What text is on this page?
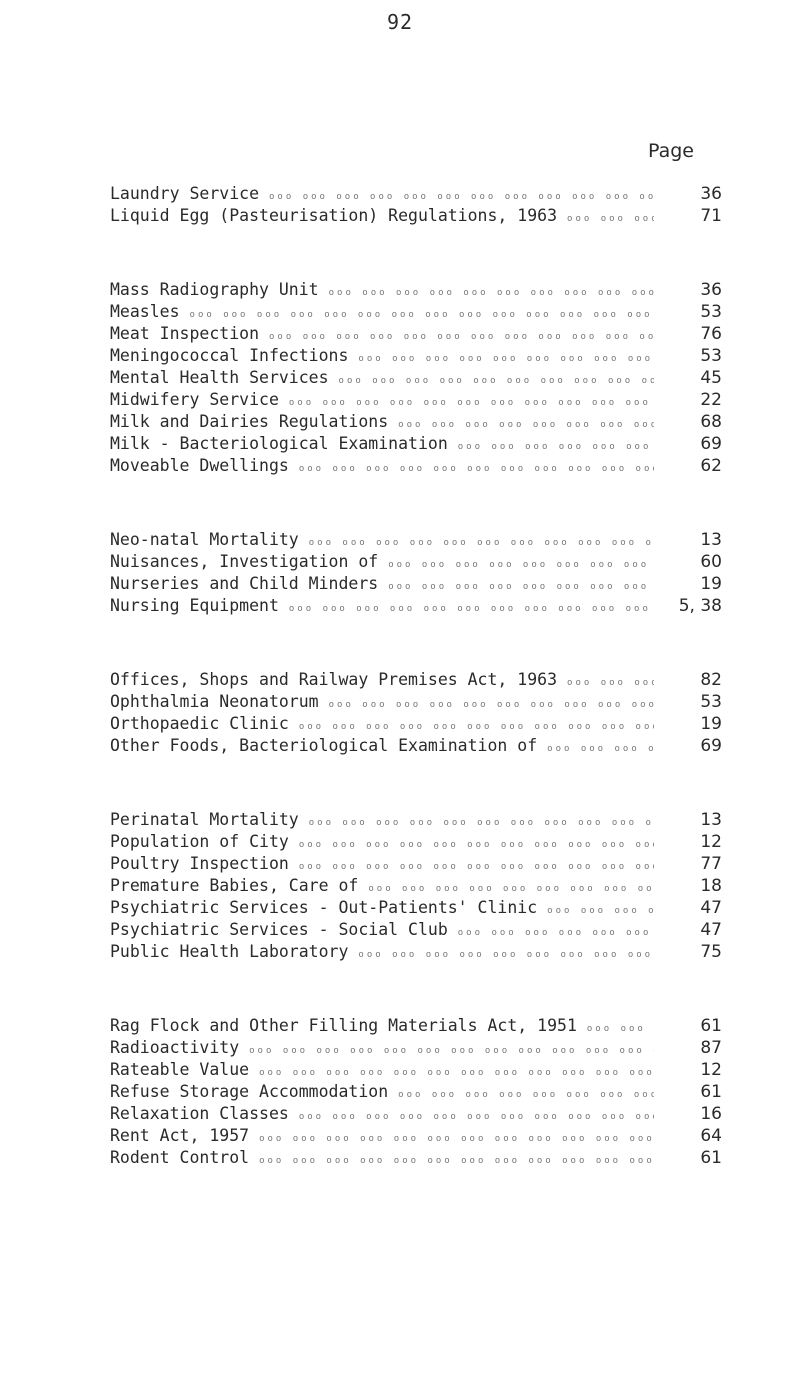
92
Page
Laundry Service ooo ooo ooo ooo ooo ooo ooo ooo ooo ooo ooo ooo ooo ooo ooo ooo ooo ooo ooo ooo ooo ooo ooo ooo	36
Liquid Egg (Pasteurisation) Regulations, 1963 ooo ooo ooo ooo ooo ooo ooo ooo ooo ooo ooo ooo ooo ooo ooo ooo ooo ooo ooo ooo ooo ooo ooo ooo	71
Mass Radiography Unit ooo ooo ooo ooo ooo ooo ooo ooo ooo ooo ooo ooo ooo ooo ooo ooo ooo ooo ooo ooo ooo ooo ooo ooo	36
Measles ooo ooo ooo ooo ooo ooo ooo ooo ooo ooo ooo ooo ooo ooo ooo ooo ooo ooo ooo ooo ooo ooo ooo ooo	53
Meat Inspection ooo ooo ooo ooo ooo ooo ooo ooo ooo ooo ooo ooo ooo ooo ooo ooo ooo ooo ooo ooo ooo ooo ooo ooo	76
Meningococcal Infections ooo ooo ooo ooo ooo ooo ooo ooo ooo ooo ooo ooo ooo ooo ooo ooo ooo ooo ooo ooo ooo ooo ooo ooo	53
Mental Health Services ooo ooo ooo ooo ooo ooo ooo ooo ooo ooo ooo ooo ooo ooo ooo ooo ooo ooo ooo ooo ooo ooo ooo ooo	45
Midwifery Service ooo ooo ooo ooo ooo ooo ooo ooo ooo ooo ooo ooo ooo ooo ooo ooo ooo ooo ooo ooo ooo ooo ooo ooo	22
Milk and Dairies Regulations ooo ooo ooo ooo ooo ooo ooo ooo ooo ooo ooo ooo ooo ooo ooo ooo ooo ooo ooo ooo ooo ooo ooo ooo	68
Milk - Bacteriological Examination ooo ooo ooo ooo ooo ooo ooo ooo ooo ooo ooo ooo ooo ooo ooo ooo ooo ooo ooo ooo ooo ooo ooo ooo	69
Moveable Dwellings ooo ooo ooo ooo ooo ooo ooo ooo ooo ooo ooo ooo ooo ooo ooo ooo ooo ooo ooo ooo ooo ooo ooo ooo	62
Neo-natal Mortality ooo ooo ooo ooo ooo ooo ooo ooo ooo ooo ooo ooo ooo ooo ooo ooo ooo ooo ooo ooo ooo ooo ooo ooo	13
Nuisances, Investigation of ooo ooo ooo ooo ooo ooo ooo ooo ooo ooo ooo ooo ooo ooo ooo ooo ooo ooo ooo ooo ooo ooo ooo ooo	60
Nurseries and Child Minders ooo ooo ooo ooo ooo ooo ooo ooo ooo ooo ooo ooo ooo ooo ooo ooo ooo ooo ooo ooo ooo ooo ooo ooo	19
Nursing Equipment ooo ooo ooo ooo ooo ooo ooo ooo ooo ooo ooo ooo ooo ooo ooo ooo ooo ooo ooo ooo ooo ooo ooo ooo	5, 38
Offices, Shops and Railway Premises Act, 1963 ooo ooo ooo ooo ooo ooo ooo ooo ooo ooo ooo ooo ooo ooo ooo ooo ooo ooo ooo ooo ooo ooo ooo ooo	82
Ophthalmia Neonatorum ooo ooo ooo ooo ooo ooo ooo ooo ooo ooo ooo ooo ooo ooo ooo ooo ooo ooo ooo ooo ooo ooo ooo ooo	53
Orthopaedic Clinic ooo ooo ooo ooo ooo ooo ooo ooo ooo ooo ooo ooo ooo ooo ooo ooo ooo ooo ooo ooo ooo ooo ooo ooo	19
Other Foods, Bacteriological Examination of ooo ooo ooo ooo ooo ooo ooo ooo ooo ooo ooo ooo ooo ooo ooo ooo ooo ooo ooo ooo ooo ooo ooo ooo	69
Perinatal Mortality ooo ooo ooo ooo ooo ooo ooo ooo ooo ooo ooo ooo ooo ooo ooo ooo ooo ooo ooo ooo ooo ooo ooo ooo	13
Population of City ooo ooo ooo ooo ooo ooo ooo ooo ooo ooo ooo ooo ooo ooo ooo ooo ooo ooo ooo ooo ooo ooo ooo ooo	12
Poultry Inspection ooo ooo ooo ooo ooo ooo ooo ooo ooo ooo ooo ooo ooo ooo ooo ooo ooo ooo ooo ooo ooo ooo ooo ooo	77
Premature Babies, Care of ooo ooo ooo ooo ooo ooo ooo ooo ooo ooo ooo ooo ooo ooo ooo ooo ooo ooo ooo ooo ooo ooo ooo ooo	18
Psychiatric Services - Out-Patients' Clinic ooo ooo ooo ooo ooo ooo ooo ooo ooo ooo ooo ooo ooo ooo ooo ooo ooo ooo ooo ooo ooo ooo ooo ooo	47
Psychiatric Services - Social Club ooo ooo ooo ooo ooo ooo ooo ooo ooo ooo ooo ooo ooo ooo ooo ooo ooo ooo ooo ooo ooo ooo ooo ooo	47
Public Health Laboratory ooo ooo ooo ooo ooo ooo ooo ooo ooo ooo ooo ooo ooo ooo ooo ooo ooo ooo ooo ooo ooo ooo ooo ooo	75
Rag Flock and Other Filling Materials Act, 1951 ooo ooo ooo ooo ooo ooo ooo ooo ooo ooo ooo ooo ooo ooo ooo ooo ooo ooo ooo ooo ooo ooo ooo ooo	61
Radioactivity ooo ooo ooo ooo ooo ooo ooo ooo ooo ooo ooo ooo ooo ooo ooo ooo ooo ooo ooo ooo ooo ooo ooo ooo	87
Rateable Value ooo ooo ooo ooo ooo ooo ooo ooo ooo ooo ooo ooo ooo ooo ooo ooo ooo ooo ooo ooo ooo ooo ooo ooo	12
Refuse Storage Accommodation ooo ooo ooo ooo ooo ooo ooo ooo ooo ooo ooo ooo ooo ooo ooo ooo ooo ooo ooo ooo ooo ooo ooo ooo	61
Relaxation Classes ooo ooo ooo ooo ooo ooo ooo ooo ooo ooo ooo ooo ooo ooo ooo ooo ooo ooo ooo ooo ooo ooo ooo ooo	16
Rent Act, 1957 ooo ooo ooo ooo ooo ooo ooo ooo ooo ooo ooo ooo ooo ooo ooo ooo ooo ooo ooo ooo ooo ooo ooo ooo	64
Rodent Control ooo ooo ooo ooo ooo ooo ooo ooo ooo ooo ooo ooo ooo ooo ooo ooo ooo ooo ooo ooo ooo ooo ooo ooo	61
